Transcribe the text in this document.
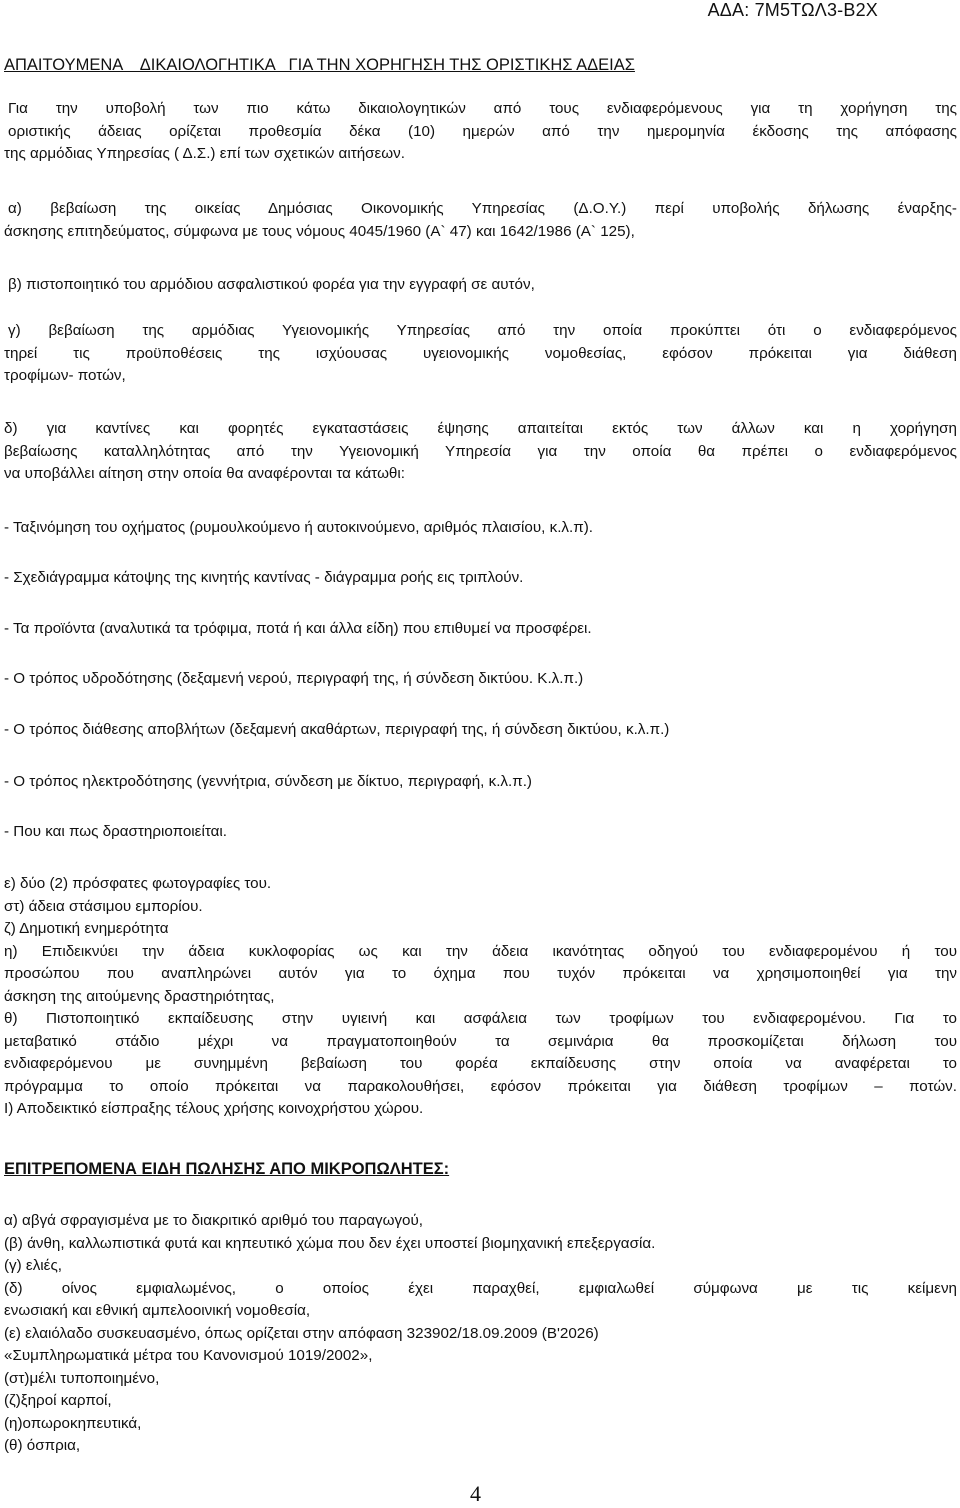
ΑΔΑ: 7Μ5ΤΩΛ3-Β2Χ
ΑΠΑΙΤΟΥΜΕΝΑ    ΔΙΚΑΙΟΛΟΓΗΤΙΚΑ   ΓΙΑ ΤΗΝ ΧΟΡΗΓΗΣΗ ΤΗΣ ΟΡΙΣΤΙΚΗΣ ΑΔΕΙΑΣ
Για την υποβολή των πιο κάτω δικαιολογητικών από τους ενδιαφερόμενους για τη χορήγηση της
οριστικής άδειας ορίζεται προθεσμία δέκα (10) ημερών από την ημερομηνία έκδοσης της απόφασης
της αρμόδιας Υπηρεσίας ( Δ.Σ.) επί των σχετικών αιτήσεων.
α) βεβαίωση της οικείας Δημόσιας Οικονομικής Υπηρεσίας (Δ.Ο.Υ.) περί υποβολής δήλωσης έναρξης-
άσκησης επιτηδεύματος, σύμφωνα με τους νόμους 4045/1960 (Α` 47) και 1642/1986 (Α` 125),
β) πιστοποιητικό του αρμόδιου ασφαλιστικού φορέα για την εγγραφή σε αυτόν,
γ) βεβαίωση της αρμόδιας Υγειονομικής Υπηρεσίας από την οποία προκύπτει ότι ο ενδιαφερόμενος
τηρεί τις προϋποθέσεις της ισχύουσας υγειονομικής νομοθεσίας, εφόσον πρόκειται για διάθεση
τροφίμων- ποτών,
δ) για καντίνες και φορητές εγκαταστάσεις έψησης απαιτείται εκτός των άλλων και η χορήγηση
βεβαίωσης καταλληλότητας από την Υγειονομική Υπηρεσία για την οποία θα πρέπει ο ενδιαφερόμενος
να υποβάλλει αίτηση στην οποία θα αναφέρονται τα κάτωθι:
- Ταξινόμηση του οχήματος (ρυμουλκούμενο ή αυτοκινούμενο, αριθμός πλαισίου, κ.λ.π).
- Σχεδιάγραμμα κάτοψης της κινητής καντίνας - διάγραμμα ροής εις τριπλούν.
- Τα προϊόντα (αναλυτικά τα τρόφιμα, ποτά ή και άλλα είδη) που επιθυμεί να προσφέρει.
- Ο τρόπος υδροδότησης (δεξαμενή νερού, περιγραφή της, ή σύνδεση δικτύου. Κ.λ.π.)
- Ο τρόπος διάθεσης αποβλήτων (δεξαμενή ακαθάρτων, περιγραφή της, ή σύνδεση δικτύου, κ.λ.π.)
- Ο τρόπος ηλεκτροδότησης (γεννήτρια, σύνδεση με δίκτυο, περιγραφή, κ.λ.π.)
- Που και πως δραστηριοποιείται.
ε) δύο (2) πρόσφατες φωτογραφίες του.
στ) άδεια στάσιμου εμπορίου.
ζ) Δημοτική ενημερότητα
η) Επιδεικνύει την άδεια κυκλοφορίας ως και την άδεια ικανότητας οδηγού του ενδιαφερομένου ή του
προσώπου που αναπληρώνει αυτόν για το όχημα που τυχόν πρόκειται να χρησιμοποιηθεί για την
άσκηση της αιτούμενης δραστηριότητας,
θ) Πιστοποιητικό εκπαίδευσης στην υγιεινή και ασφάλεια των τροφίμων του ενδιαφερομένου. Για το
μεταβατικό στάδιο μέχρι να πραγματοποιηθούν τα σεμινάρια θα προσκομίζεται δήλωση του
ενδιαφερόμενου με συνημμένη βεβαίωση του φορέα εκπαίδευσης στην οποία να αναφέρεται το
πρόγραμμα το οποίο πρόκειται να παρακολουθήσει, εφόσον πρόκειται για διάθεση τροφίμων – ποτών.
Ι) Αποδεικτικό είσπραξης τέλους χρήσης κοινοχρήστου χώρου.
ΕΠΙΤΡΕΠΟΜΕΝΑ ΕΙΔΗ ΠΩΛΗΣΗΣ ΑΠΟ ΜΙΚΡΟΠΩΛΗΤΕΣ:
α) αβγά σφραγισμένα με το διακριτικό αριθμό του παραγωγού,
(β) άνθη, καλλωπιστικά φυτά και κηπευτικό χώμα που δεν έχει υποστεί βιομηχανική επεξεργασία.
(γ) ελιές,
(δ) οίνος εμφιαλωμένος, ο οποίος έχει παραχθεί, εμφιαλωθεί σύμφωνα με τις κείμενη
ενωσιακή και εθνική αμπελοοινική νομοθεσία,
(ε) ελαιόλαδο συσκευασμένο, όπως ορίζεται στην απόφαση 323902/18.09.2009 (Β'2026)
«Συμπληρωματικά μέτρα του Κανονισμού 1019/2002»,
(στ)μέλι τυποποιημένο,
(ζ)ξηροί καρποί,
(η)οπωροκηπευτικά,
(θ) όσπρια,
4
